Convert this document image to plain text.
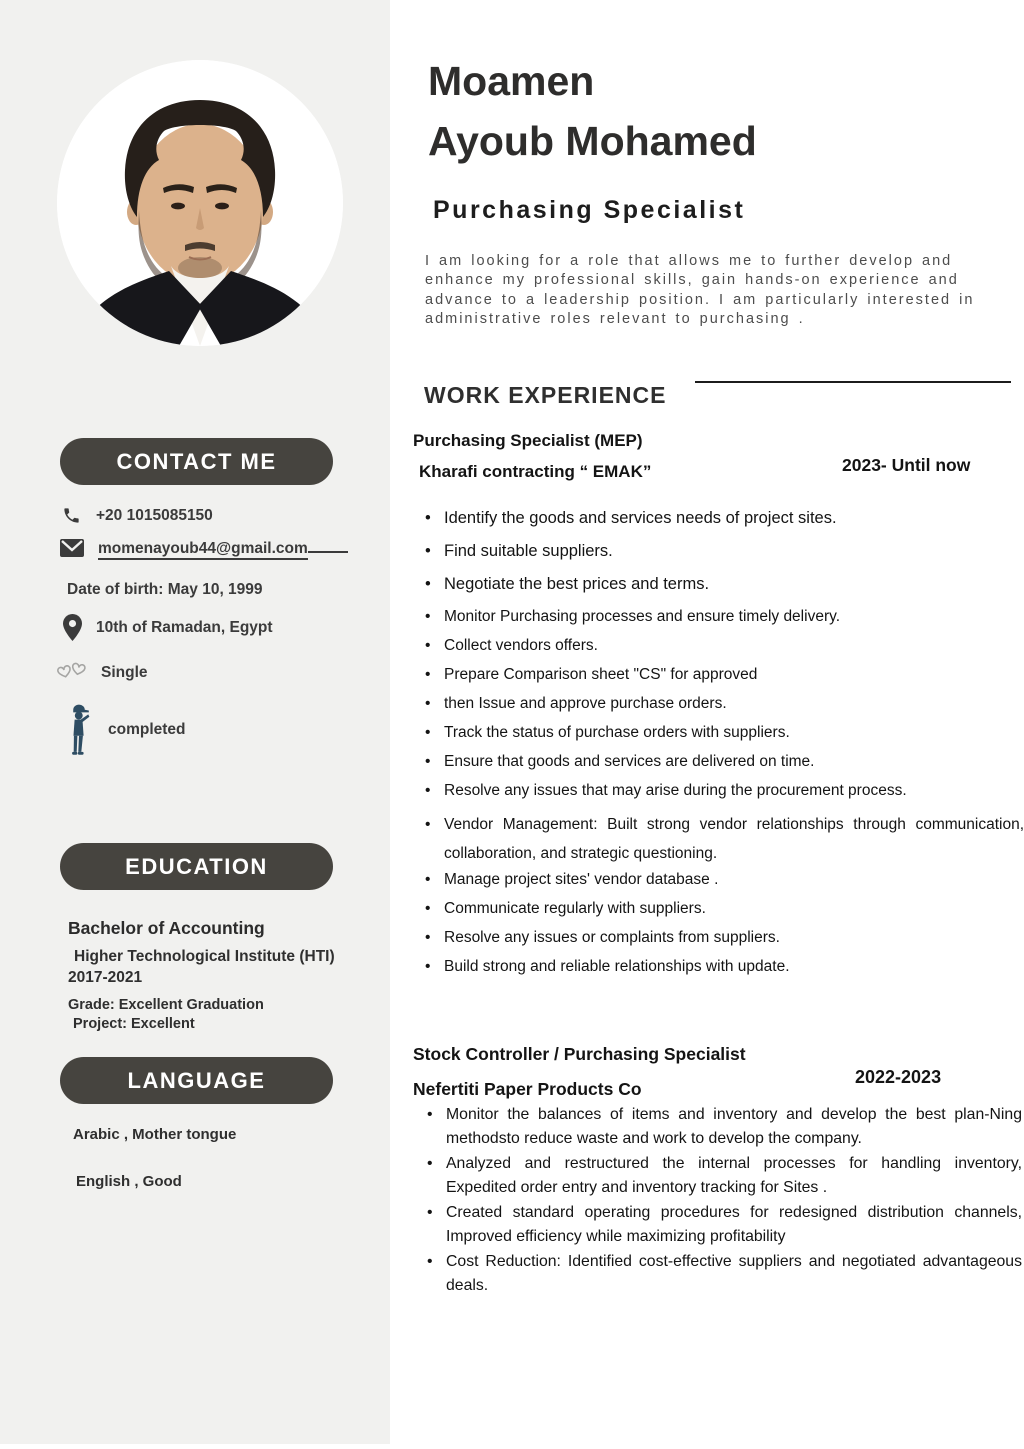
CONTACT ME
+20 1015085150
momenayoub44@gmail.com
Date of birth: May 10, 1999
10th of Ramadan, Egypt
Single
completed
EDUCATION
Bachelor of Accounting
Higher Technological Institute (HTI)
2017-2021
Grade: Excellent Graduation
Project: Excellent
LANGUAGE
Arabic , Mother tongue
English , Good
Moamen
Ayoub Mohamed
Purchasing Specialist

I am looking for a role that allows me to further develop and enhance my professional skills, gain hands-on experience and advance to a leadership position. I am particularly interested in administrative roles relevant to purchasing .

WORK EXPERIENCE
Purchasing Specialist (MEP)
Kharafi contracting “ EMAK”	2023- Until now
• Identify the goods and services needs of project sites.
• Find suitable suppliers.
• Negotiate the best prices and terms.
• Monitor Purchasing processes and ensure timely delivery.
• Collect vendors offers.
• Prepare Comparison sheet "CS" for approved
• then Issue and approve purchase orders.
• Track the status of purchase orders with suppliers.
• Ensure that goods and services are delivered on time.
• Resolve any issues that may arise during the procurement process.
• Vendor Management: Built strong vendor relationships through communication, collaboration, and strategic questioning.
• Manage project sites' vendor database .
• Communicate regularly with suppliers.
• Resolve any issues or complaints from suppliers.
• Build strong and reliable relationships with update.
Stock Controller / Purchasing Specialist
Nefertiti Paper Products Co
2022-2023
• Monitor the balances of items and inventory and develop the best plan-Ning methodsto reduce waste and work to develop the company.
• Analyzed and restructured the internal processes for handling inventory, Expedited order entry and inventory tracking for Sites .
• Created standard operating procedures for redesigned distribution channels, Improved efficiency while maximizing profitability
• Cost Reduction: Identified cost-effective suppliers and negotiated advantageous deals.
